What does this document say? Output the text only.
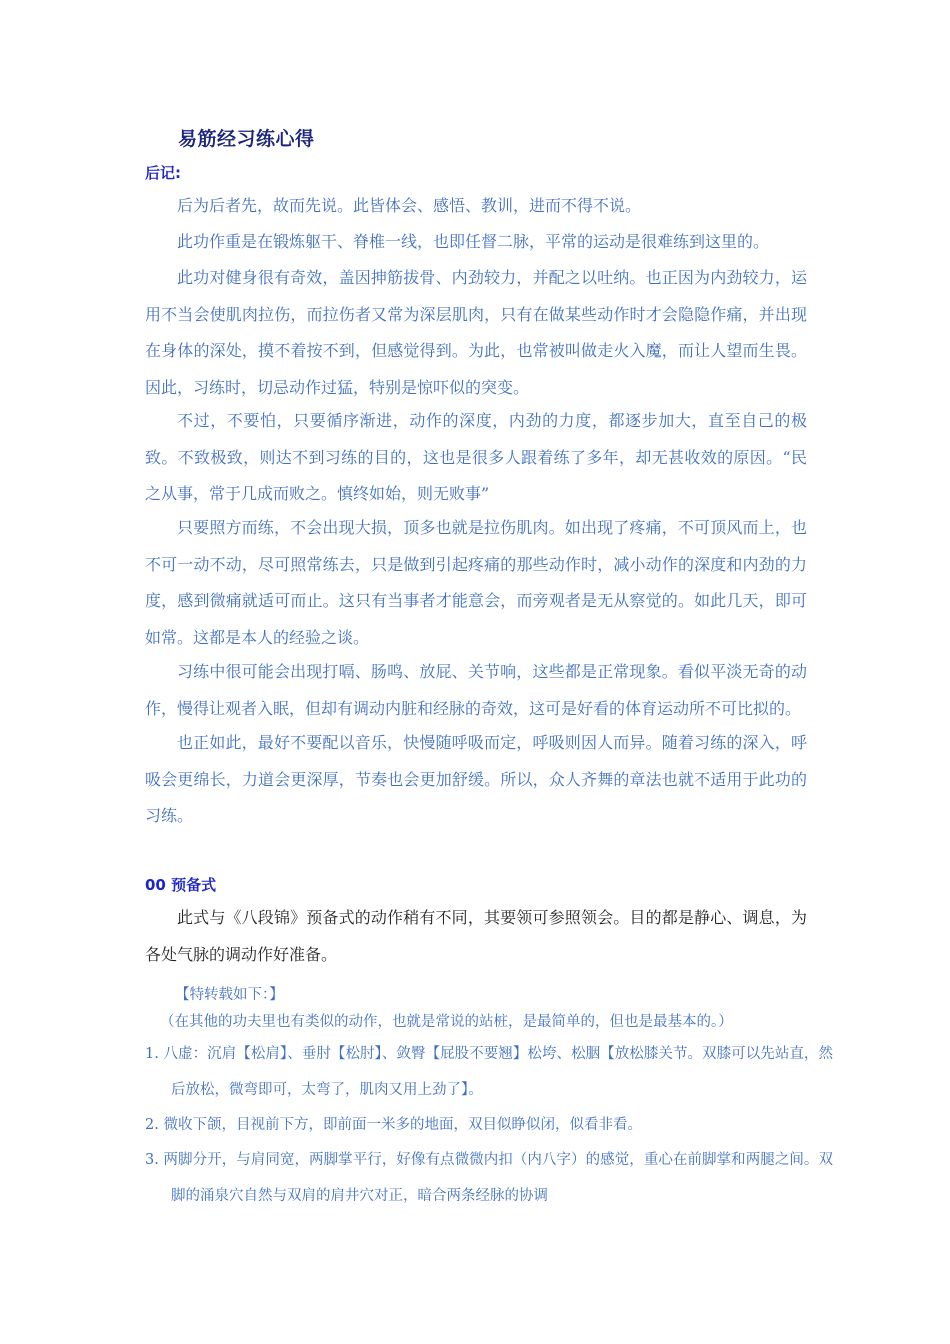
易筋经习练心得
后记:

后为后者先，故而先说。此皆体会、感悟、教训，进而不得不说。

此功作重是在锻炼躯干、脊椎一线，也即任督二脉，平常的运动是很难练到这里的。

此功对健身很有奇效，盖因抻筋拔骨、内劲较力，并配之以吐纳。也正因为内劲较力，运用不当会使肌肉拉伤，而拉伤者又常为深层肌肉，只有在做某些动作时才会隐隐作痛，并出现在身体的深处，摸不着按不到，但感觉得到。为此，也常被叫做走火入魔，而让人望而生畏。因此，习练时，切忌动作过猛，特别是惊吓似的突变。

不过，不要怕，只要循序渐进，动作的深度，内劲的力度，都逐步加大，直至自己的极致。不致极致，则达不到习练的目的，这也是很多人跟着练了多年，却无甚收效的原因。“民之从事，常于几成而败之。慎终如始，则无败事”

只要照方而练，不会出现大损，顶多也就是拉伤肌肉。如出现了疼痛，不可顶风而上，也不可一动不动，尽可照常练去，只是做到引起疼痛的那些动作时，减小动作的深度和内劲的力度，感到微痛就适可而止。这只有当事者才能意会，而旁观者是无从察觉的。如此几天，即可如常。这都是本人的经验之谈。

习练中很可能会出现打嗝、肠鸣、放屁、关节响，这些都是正常现象。看似平淡无奇的动作，慢得让观者入眠，但却有调动内脏和经脉的奇效，这可是好看的体育运动所不可比拟的。

也正如此，最好不要配以音乐，快慢随呼吸而定，呼吸则因人而异。随着习练的深入，呼吸会更绵长，力道会更深厚，节奏也会更加舒缓。所以，众人齐舞的章法也就不适用于此功的习练。

00 预备式

此式与《八段锦》预备式的动作稍有不同，其要领可参照领会。目的都是静心、调息，为各处气脉的调动作好准备。

【特转载如下：】

（在其他的功夫里也有类似的动作，也就是常说的站桩，是最简单的，但也是最基本的。）

1. 八虚：沉肩【松肩】、垂肘【松肘】、敛臀【屁股不要翘】松垮、松胭【放松膝关节。双膝可以先站直，然后放松，微弯即可，太弯了，肌肉又用上劲了】。

2. 微收下颌，目视前下方，即前面一米多的地面，双目似睁似闭，似看非看。

3. 两脚分开，与肩同宽，两脚掌平行，好像有点微微内扣（内八字）的感觉，重心在前脚掌和两腿之间。双脚的涌泉穴自然与双肩的肩井穴对正，暗合两条经脉的协调
